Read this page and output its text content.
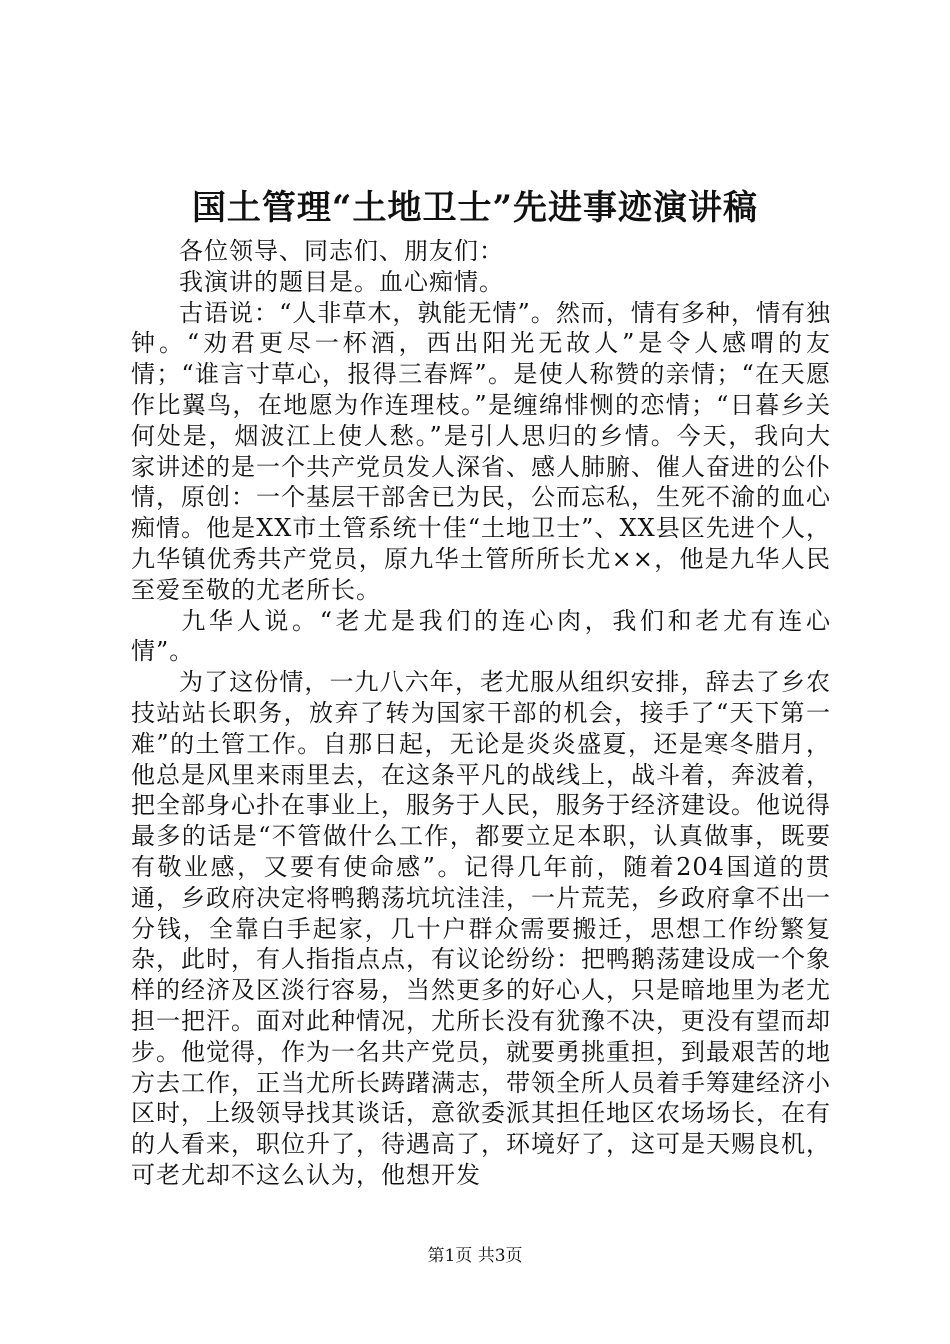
国土管理“土地卫士”先进事迹演讲稿

各位领导、同志们、朋友们：

我演讲的题目是。血心痴情。

古语说：“人非草木，孰能无情”。然而，情有多种，情有独钟。“劝君更尽一杯酒，西出阳光无故人”是令人感喟的友情；“谁言寸草心，报得三春辉”。是使人称赞的亲情；“在天愿作比翼鸟，在地愿为作连理枝。”是缠绵悱恻的恋情；“日暮乡关何处是，烟波江上使人愁。”是引人思归的乡情。今天，我向大家讲述的是一个共产党员发人深省、感人肺腑、催人奋进的公仆情，原创：一个基层干部舍已为民，公而忘私，生死不渝的血心痴情。他是XX市土管系统十佳“土地卫士”、XX县区先进个人，九华镇优秀共产党员，原九华土管所所长尤××，他是九华人民至爱至敬的尤老所长。

九华人说。“老尤是我们的连心肉，我们和老尤有连心情”。

为了这份情，一九八六年，老尤服从组织安排，辞去了乡农技站站长职务，放弃了转为国家干部的机会，接手了“天下第一难”的土管工作。自那日起，无论是炎炎盛夏，还是寒冬腊月，他总是风里来雨里去，在这条平凡的战线上，战斗着，奔波着，把全部身心扑在事业上，服务于人民，服务于经济建设。他说得最多的话是“不管做什么工作，都要立足本职，认真做事，既要有敬业感，又要有使命感”。记得几年前，随着204国道的贯通，乡政府决定将鸭鹅荡坑坑洼洼，一片荒芜，乡政府拿不出一分钱，全靠白手起家，几十户群众需要搬迁，思想工作纷繁复杂，此时，有人指指点点，有议论纷纷：把鸭鹅荡建设成一个象样的经济及区淡行容易，当然更多的好心人，只是暗地里为老尤担一把汗。面对此种情况，尤所长没有犹豫不决，更没有望而却步。他觉得，作为一名共产党员，就要勇挑重担，到最艰苦的地方去工作，正当尤所长踌躇满志，带领全所人员着手筹建经济小区时，上级领导找其谈话，意欲委派其担任地区农场场长，在有的人看来，职位升了，待遇高了，环境好了，这可是天赐良机，可老尤却不这么认为，他想开发

第1页 共3页
